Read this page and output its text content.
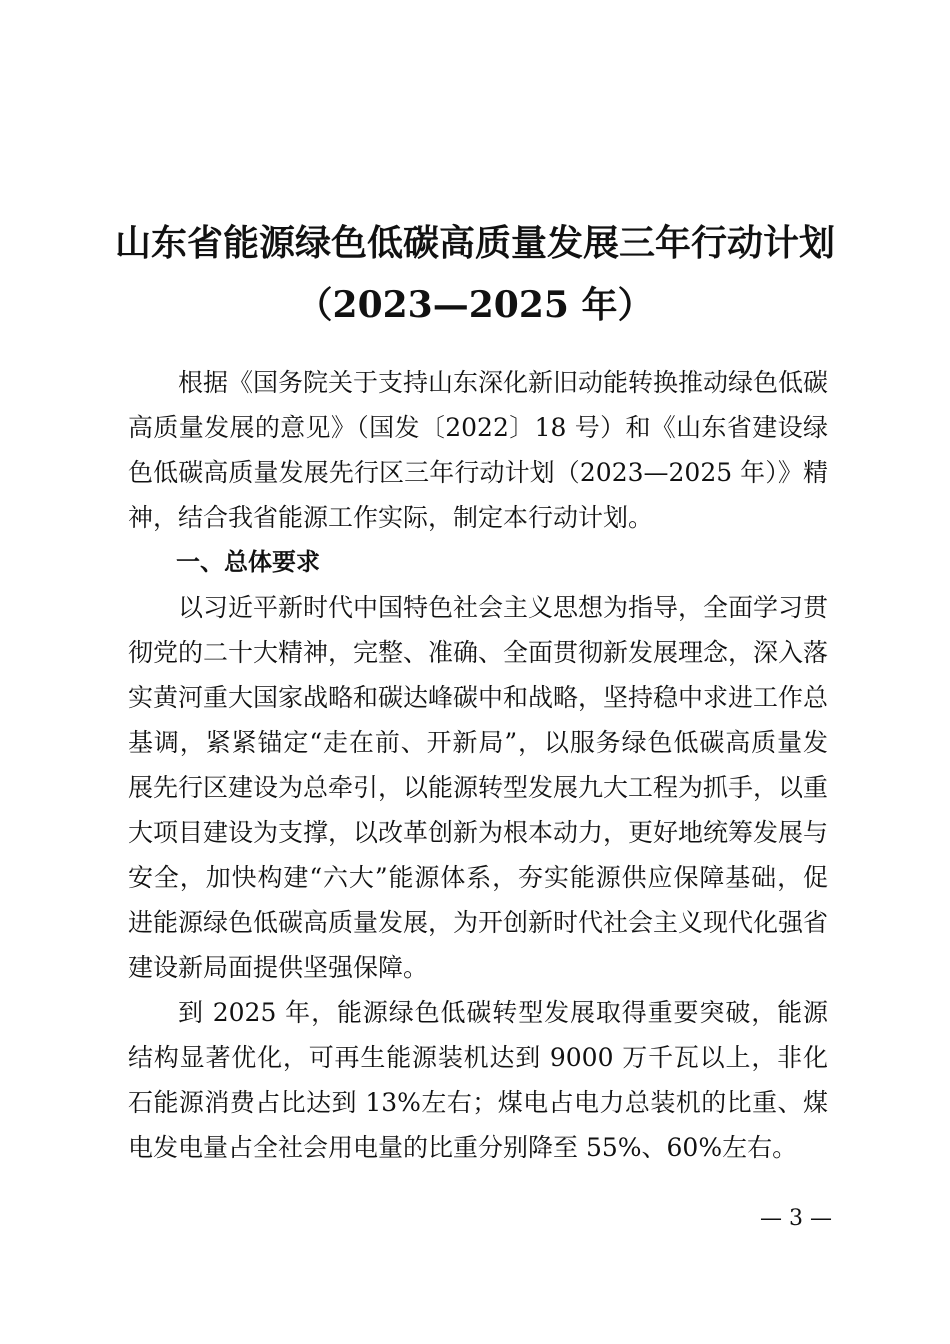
山东省能源绿色低碳高质量发展三年行动计划
（2023—2025 年）

根据《国务院关于支持山东深化新旧动能转换推动绿色低碳高质量发展的意见》（国发〔2022〕18 号）和《山东省建设绿色低碳高质量发展先行区三年行动计划（2023—2025 年）》精神，结合我省能源工作实际，制定本行动计划。

一、总体要求

以习近平新时代中国特色社会主义思想为指导，全面学习贯彻党的二十大精神，完整、准确、全面贯彻新发展理念，深入落实黄河重大国家战略和碳达峰碳中和战略，坚持稳中求进工作总基调，紧紧锚定“走在前、开新局”，以服务绿色低碳高质量发展先行区建设为总牵引，以能源转型发展九大工程为抓手，以重大项目建设为支撑，以改革创新为根本动力，更好地统筹发展与安全，加快构建“六大”能源体系，夯实能源供应保障基础，促进能源绿色低碳高质量发展，为开创新时代社会主义现代化强省建设新局面提供坚强保障。

到 2025 年，能源绿色低碳转型发展取得重要突破，能源结构显著优化，可再生能源装机达到 9000 万千瓦以上，非化石能源消费占比达到 13%左右；煤电占电力总装机的比重、煤电发电量占全社会用电量的比重分别降至 55%、60%左右。

— 3 —
